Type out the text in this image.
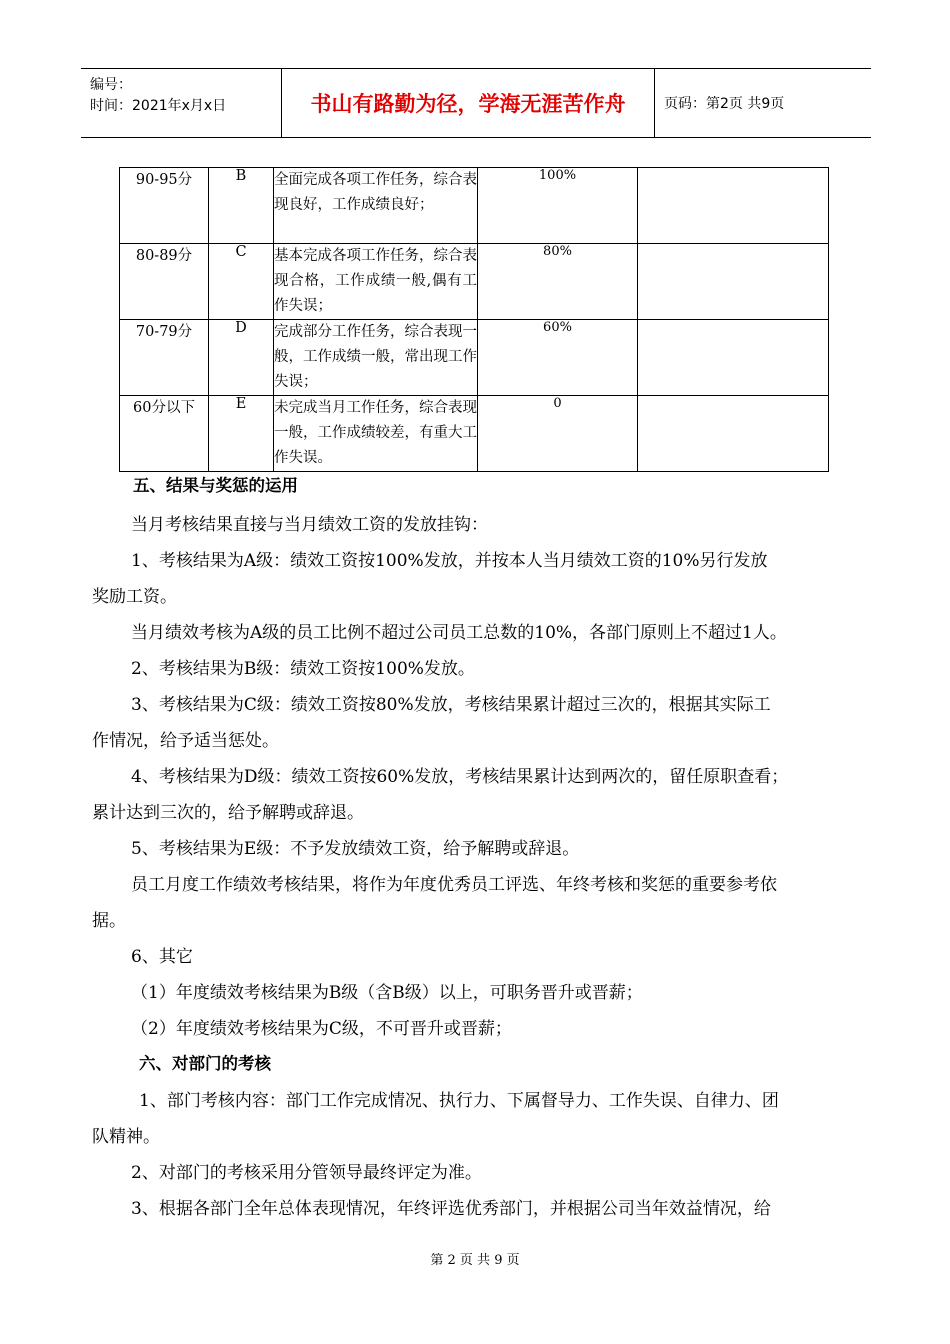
编号：
时间：2021年x月x日	书山有路勤为径，学海无涯苦作舟	页码：第2页 共9页
90-95分	B	全面完成各项工作任务，综合表现良好，工作成绩良好；	100%	
80-89分	C	基本完成各项工作任务，综合表现合格，工作成绩一般,偶有工作失误；	80%	
70-79分	D	完成部分工作任务，综合表现一般，工作成绩一般，常出现工作失误；	60%	
60分以下	E	未完成当月工作任务，综合表现一般，工作成绩较差，有重大工作失误。	0	
五、结果与奖惩的运用
当月考核结果直接与当月绩效工资的发放挂钩：
1、考核结果为A级：绩效工资按100%发放，并按本人当月绩效工资的10%另行发放
奖励工资。
当月绩效考核为A级的员工比例不超过公司员工总数的10%，各部门原则上不超过1人。
2、考核结果为B级：绩效工资按100%发放。
3、考核结果为C级：绩效工资按80%发放，考核结果累计超过三次的，根据其实际工
作情况，给予适当惩处。
4、考核结果为D级：绩效工资按60%发放，考核结果累计达到两次的，留任原职查看；
累计达到三次的，给予解聘或辞退。
5、考核结果为E级：不予发放绩效工资，给予解聘或辞退。
员工月度工作绩效考核结果，将作为年度优秀员工评选、年终考核和奖惩的重要参考依
据。
6、其它
（1）年度绩效考核结果为B级（含B级）以上，可职务晋升或晋薪；
（2）年度绩效考核结果为C级，不可晋升或晋薪；
六、对部门的考核
1、部门考核内容：部门工作完成情况、执行力、下属督导力、工作失误、自律力、团
队精神。
2、对部门的考核采用分管领导最终评定为准。
3、根据各部门全年总体表现情况，年终评选优秀部门，并根据公司当年效益情况，给
第 2 页 共 9 页
